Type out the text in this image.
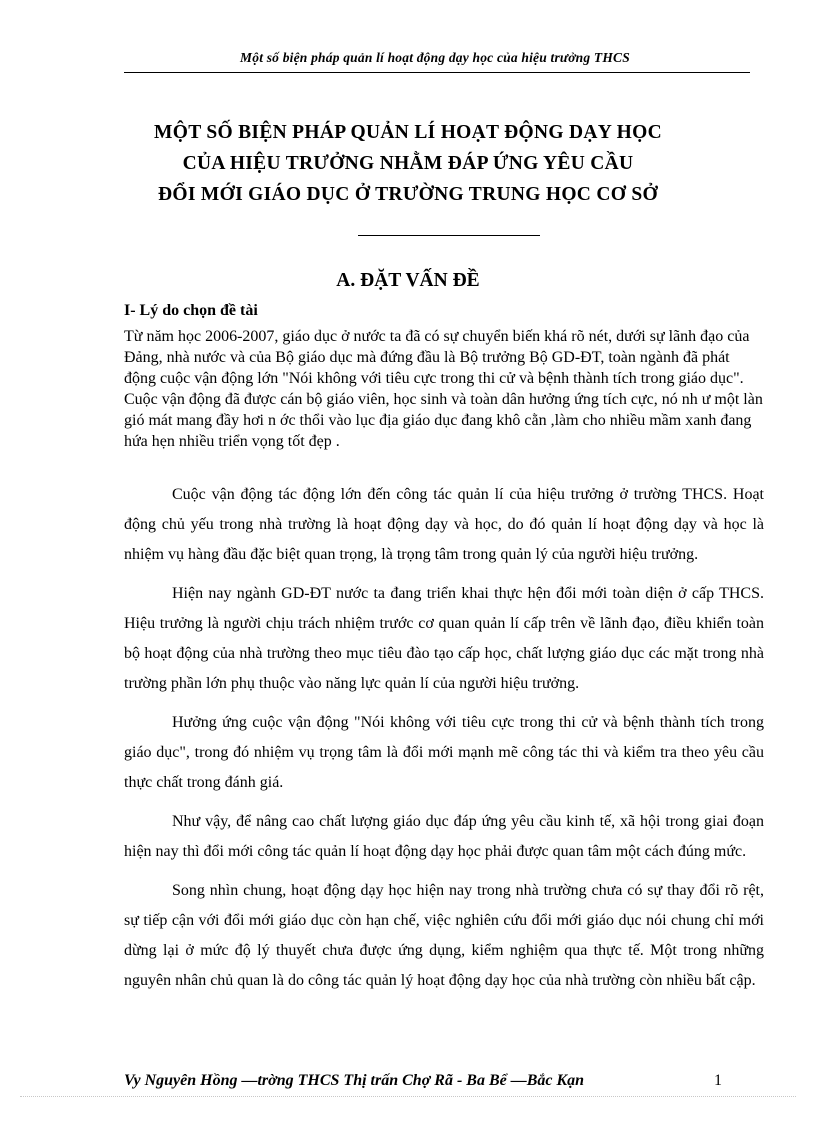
Một số biện pháp quản lí hoạt động dạy học của hiệu trưởng THCS
MỘT SỐ BIỆN PHÁP QUẢN LÍ HOẠT ĐỘNG DẠY HỌC
CỦA HIỆU TRƯỞNG NHẰM ĐÁP ỨNG YÊU CẦU
ĐỔI MỚI GIÁO DỤC Ở TRƯỜNG TRUNG HỌC CƠ SỞ
A. ĐẶT VẤN ĐỀ
I- Lý do chọn đề tài
Từ năm học 2006-2007, giáo dục ở nước ta đã có sự chuyển biến khá rõ nét, dưới sự lãnh đạo của Đảng, nhà nước và của Bộ giáo dục mà đứng đầu là Bộ trưởng Bộ GD-ĐT, toàn ngành đã phát động cuộc vận động lớn "Nói không với tiêu cực trong thi cử và bệnh thành tích trong giáo dục". Cuộc vận động đã được cán bộ giáo viên, học sinh và toàn dân hưởng ứng tích cực, nó nh ư một làn gió mát mang đầy hơi n ớc thổi vào lục địa giáo dục đang khô cằn ,làm cho nhiều mầm xanh đang hứa hẹn nhiều triển vọng tốt đẹp .

Cuộc vận động tác động lớn đến công tác quản lí của hiệu trưởng ở trường THCS. Hoạt động chủ yếu trong nhà trường là hoạt động dạy và học, do đó quản lí hoạt động dạy và học là nhiệm vụ hàng đầu đặc biệt quan trọng, là trọng tâm trong quản lý của người hiệu trưởng.

Hiện nay ngành GD-ĐT nước ta đang triển khai thực hện đổi mới toàn diện ở cấp THCS. Hiệu trưởng là người chịu trách nhiệm trước cơ quan quản lí cấp trên về lãnh đạo, điều khiển toàn bộ hoạt động của nhà trường theo mục tiêu đào tạo cấp học, chất lượng giáo dục các mặt trong nhà trường phần lớn phụ thuộc vào năng lực quản lí của người hiệu trưởng.

Hưởng ứng cuộc vận động "Nói không với tiêu cực trong thi cử và bệnh thành tích trong giáo dục", trong đó nhiệm vụ trọng tâm là đổi mới mạnh mẽ công tác thi và kiểm tra theo yêu cầu thực chất trong đánh giá.

Như vậy, để nâng cao chất lượng giáo dục đáp ứng yêu cầu kinh tế, xã hội trong giai đoạn hiện nay thì đổi mới công tác quản lí hoạt động dạy học phải được quan tâm một cách đúng mức.

Song nhìn chung, hoạt động dạy học hiện nay trong nhà trường chưa có sự thay đổi rõ rệt, sự tiếp cận với đổi mới giáo dục còn hạn chế, việc nghiên cứu đổi mới giáo dục nói chung chỉ mới dừng lại ở mức độ lý thuyết chưa được ứng dụng, kiểm nghiệm qua thực tế. Một trong những nguyên nhân chủ quan là do công tác quản lý hoạt động dạy học của nhà trường còn nhiều bất cập.

Vy Nguyên Hồng —trờng THCS Thị trấn Chợ Rã - Ba Bể —Bắc Kạn	1
